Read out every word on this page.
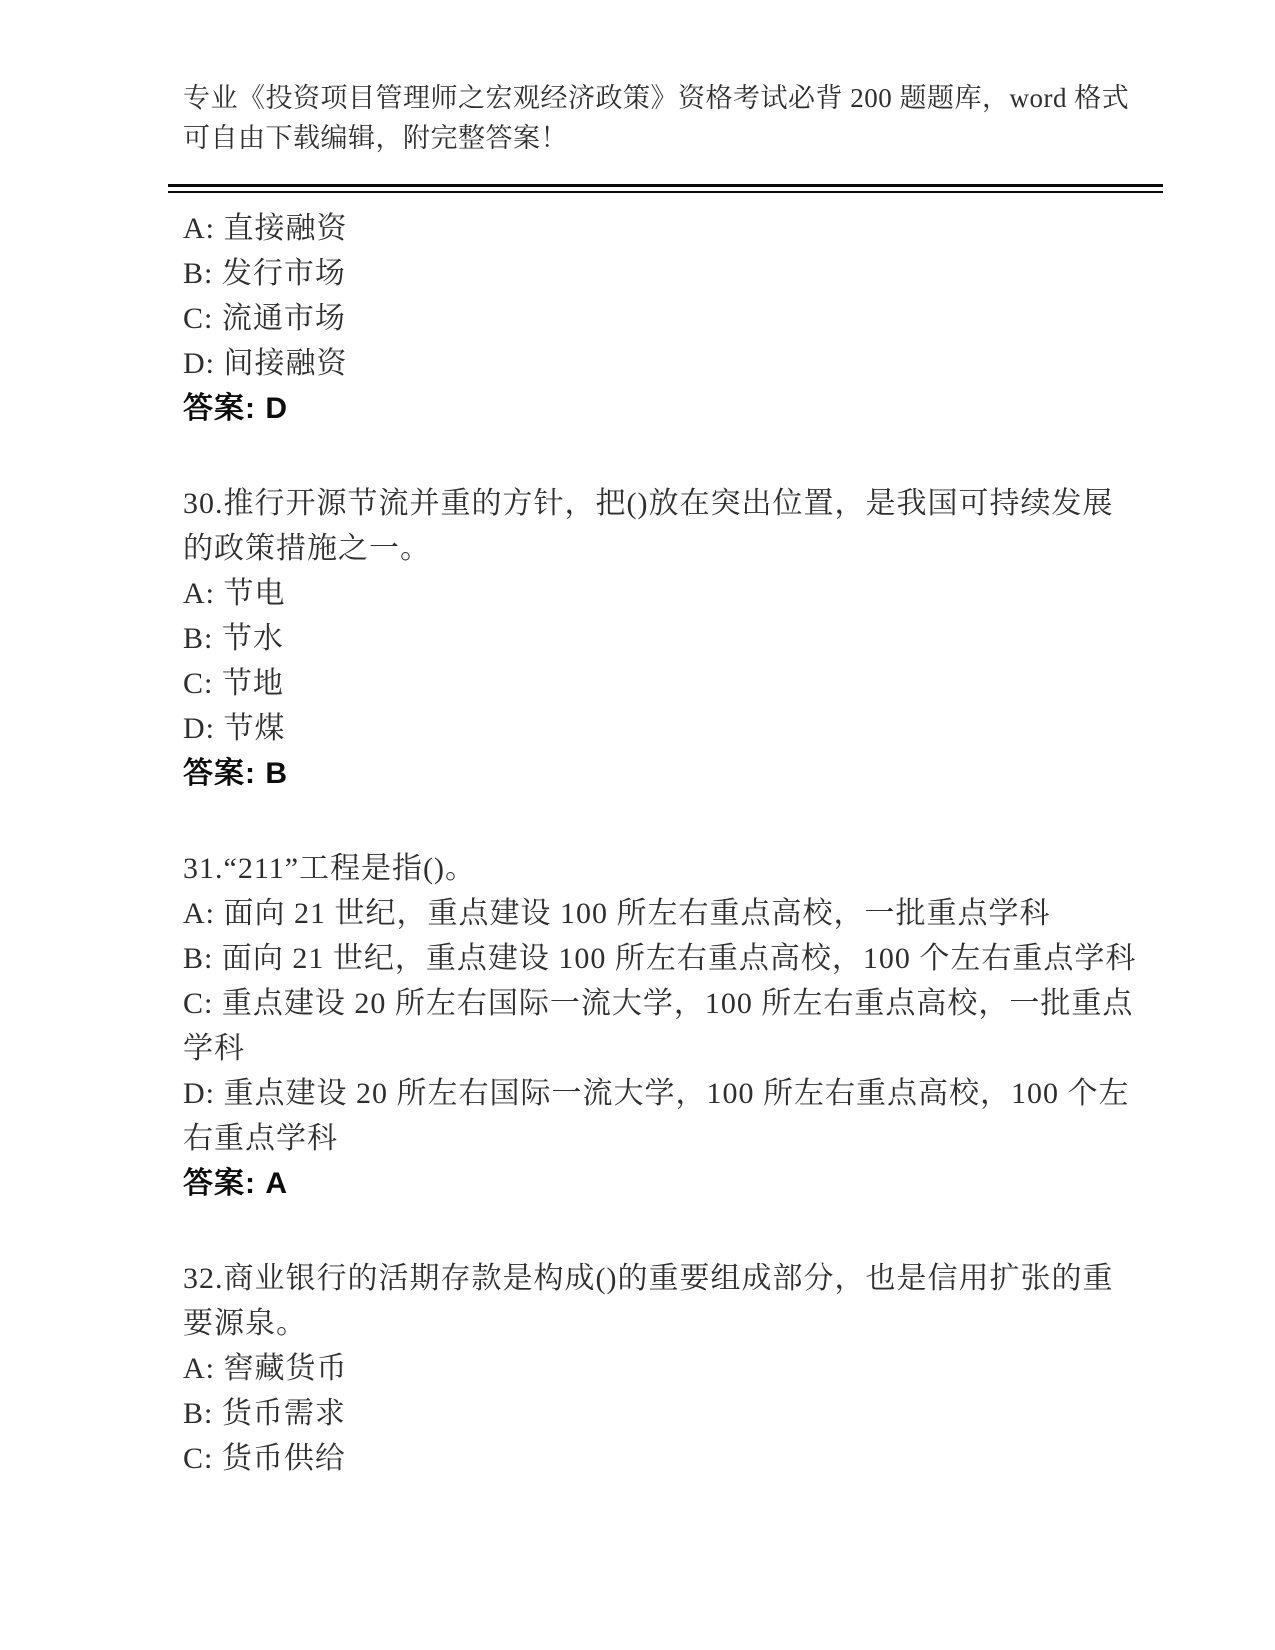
专业《投资项目管理师之宏观经济政策》资格考试必背 200 题题库，word 格式可自由下载编辑，附完整答案！

A: 直接融资

B: 发行市场

C: 流通市场

D: 间接融资

答案: D

30.推行开源节流并重的方针，把()放在突出位置，是我国可持续发展的政策措施之一。

A: 节电

B: 节水

C: 节地

D: 节煤

答案: B

31.“211”工程是指()。

A: 面向 21 世纪，重点建设 100 所左右重点高校，一批重点学科

B: 面向 21 世纪，重点建设 100 所左右重点高校，100 个左右重点学科

C: 重点建设 20 所左右国际一流大学，100 所左右重点高校，一批重点学科

D: 重点建设 20 所左右国际一流大学，100 所左右重点高校，100 个左右重点学科

答案: A

32.商业银行的活期存款是构成()的重要组成部分，也是信用扩张的重要源泉。

A: 窖藏货币

B: 货币需求

C: 货币供给
